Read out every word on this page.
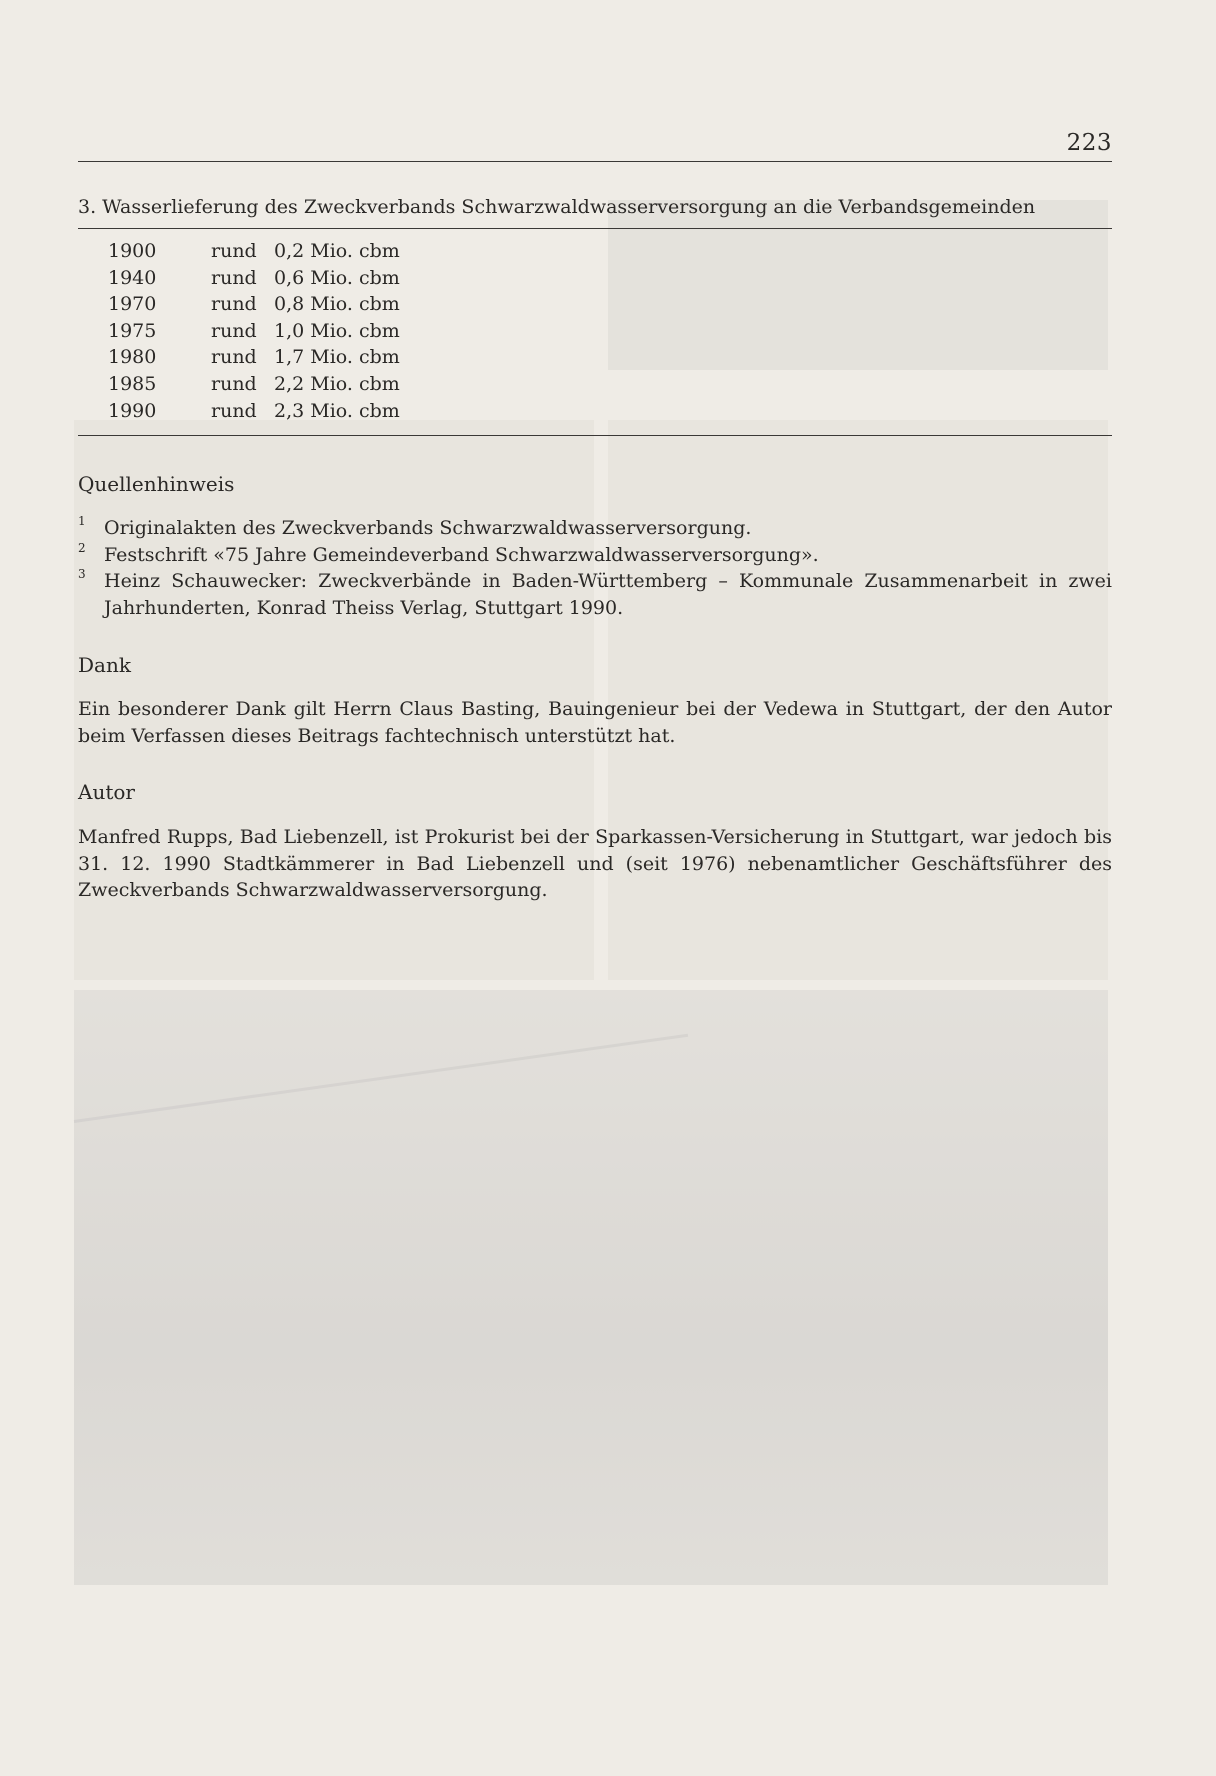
223
3. Wasserlieferung des Zweckverbands Schwarzwaldwasserversorgung an die Verbandsgemeinden
1900	rund	0,2 Mio. cbm
1940	rund	0,6 Mio. cbm
1970	rund	0,8 Mio. cbm
1975	rund	1,0 Mio. cbm
1980	rund	1,7 Mio. cbm
1985	rund	2,2 Mio. cbm
1990	rund	2,3 Mio. cbm
Quellenhinweis
1 Originalakten des Zweckverbands Schwarzwaldwasserversorgung.
2 Festschrift «75 Jahre Gemeindeverband Schwarzwaldwasserversorgung».
3 Heinz Schauwecker: Zweckverbände in Baden-Württemberg – Kommunale Zusammenarbeit in zwei Jahrhunderten, Konrad Theiss Verlag, Stuttgart 1990.
Dank
Ein besonderer Dank gilt Herrn Claus Basting, Bauingenieur bei der Vedewa in Stuttgart, der den Autor beim Verfassen dieses Beitrags fachtechnisch unterstützt hat.
Autor
Manfred Rupps, Bad Liebenzell, ist Prokurist bei der Sparkassen-Versicherung in Stuttgart, war jedoch bis 31. 12. 1990 Stadtkämmerer in Bad Liebenzell und (seit 1976) nebenamtlicher Geschäftsführer des Zweckverbands Schwarzwaldwasserversorgung.
